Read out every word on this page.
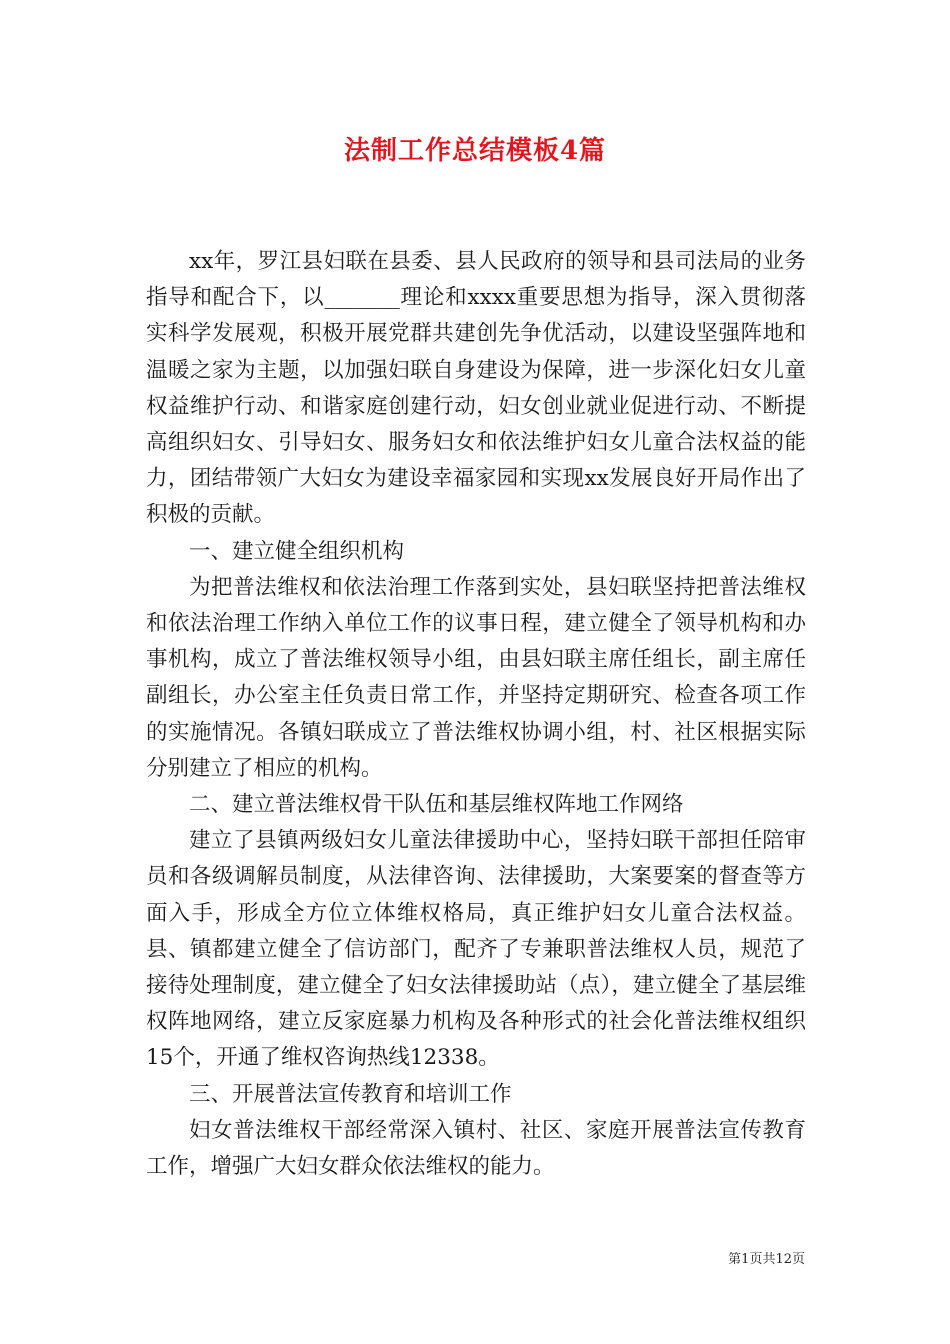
法制工作总结模板4篇

xx年，罗江县妇联在县委、县人民政府的领导和县司法局的业务指导和配合下，以_______理论和xxxx重要思想为指导，深入贯彻落实科学发展观，积极开展党群共建创先争优活动，以建设坚强阵地和温暖之家为主题，以加强妇联自身建设为保障，进一步深化妇女儿童权益维护行动、和谐家庭创建行动，妇女创业就业促进行动、不断提高组织妇女、引导妇女、服务妇女和依法维护妇女儿童合法权益的能力，团结带领广大妇女为建设幸福家园和实现xx发展良好开局作出了积极的贡献。

一、建立健全组织机构

为把普法维权和依法治理工作落到实处，县妇联坚持把普法维权和依法治理工作纳入单位工作的议事日程，建立健全了领导机构和办事机构，成立了普法维权领导小组，由县妇联主席任组长，副主席任副组长，办公室主任负责日常工作，并坚持定期研究、检查各项工作的实施情况。各镇妇联成立了普法维权协调小组，村、社区根据实际分别建立了相应的机构。

二、建立普法维权骨干队伍和基层维权阵地工作网络

建立了县镇两级妇女儿童法律援助中心，坚持妇联干部担任陪审员和各级调解员制度，从法律咨询、法律援助，大案要案的督查等方面入手，形成全方位立体维权格局，真正维护妇女儿童合法权益。县、镇都建立健全了信访部门，配齐了专兼职普法维权人员，规范了接待处理制度，建立健全了妇女法律援助站（点），建立健全了基层维权阵地网络，建立反家庭暴力机构及各种形式的社会化普法维权组织15个，开通了维权咨询热线12338。

三、开展普法宣传教育和培训工作

妇女普法维权干部经常深入镇村、社区、家庭开展普法宣传教育工作，增强广大妇女群众依法维权的能力。

第1页共12页
